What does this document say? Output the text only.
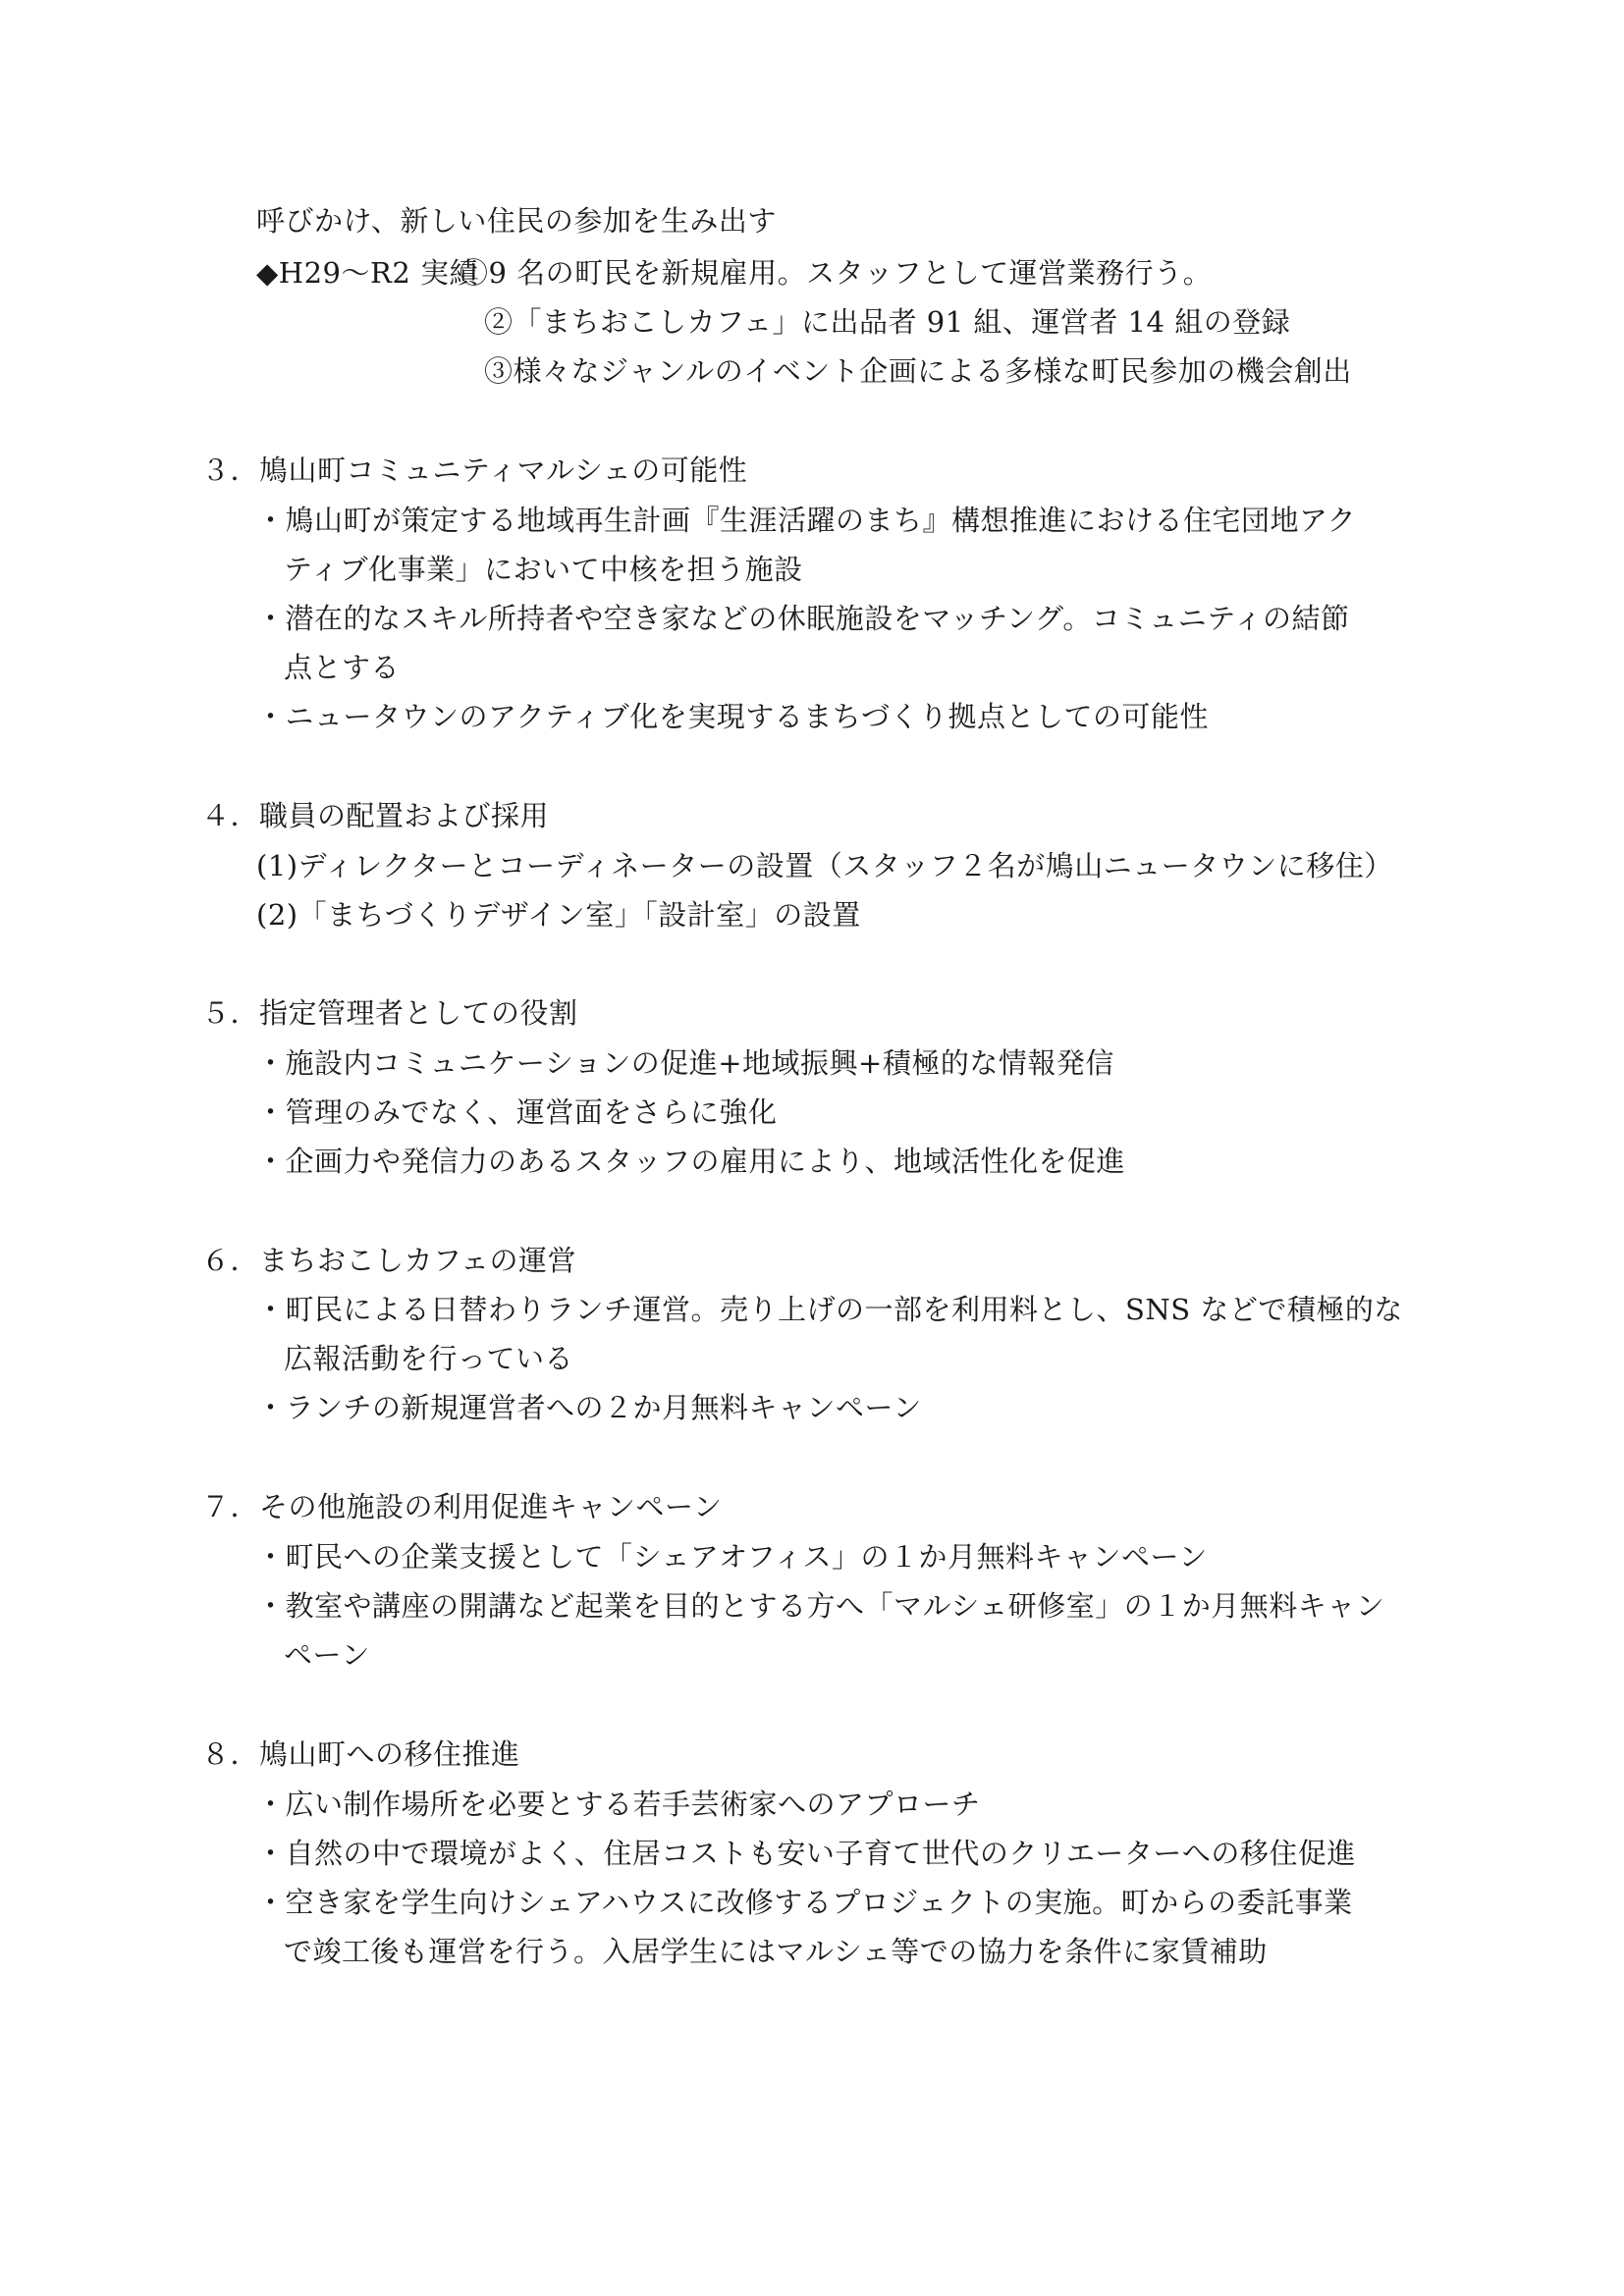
呼びかけ、新しい住民の参加を生み出す
◆H29～R2 実績
①9 名の町民を新規雇用。スタッフとして運営業務行う。
②「まちおこしカフェ」に出品者 91 組、運営者 14 組の登録
③様々なジャンルのイベント企画による多様な町民参加の機会創出
３．鳩山町コミュニティマルシェの可能性
・鳩山町が策定する地域再生計画『生涯活躍のまち』構想推進における住宅団地アク
ティブ化事業」において中核を担う施設
・潜在的なスキル所持者や空き家などの休眠施設をマッチング。コミュニティの結節
点とする
・ニュータウンのアクティブ化を実現するまちづくり拠点としての可能性
４．職員の配置および採用
(1)ディレクターとコーディネーターの設置（スタッフ２名が鳩山ニュータウンに移住）
(2)「まちづくりデザイン室」「設計室」の設置
５．指定管理者としての役割
・施設内コミュニケーションの促進+地域振興+積極的な情報発信
・管理のみでなく、運営面をさらに強化
・企画力や発信力のあるスタッフの雇用により、地域活性化を促進
６．まちおこしカフェの運営
・町民による日替わりランチ運営。売り上げの一部を利用料とし、SNS などで積極的な
広報活動を行っている
・ランチの新規運営者への２か月無料キャンペーン
７．その他施設の利用促進キャンペーン
・町民への企業支援として「シェアオフィス」の１か月無料キャンペーン
・教室や講座の開講など起業を目的とする方へ「マルシェ研修室」の１か月無料キャン
ペーン
８．鳩山町への移住推進
・広い制作場所を必要とする若手芸術家へのアプローチ
・自然の中で環境がよく、住居コストも安い子育て世代のクリエーターへの移住促進
・空き家を学生向けシェアハウスに改修するプロジェクトの実施。町からの委託事業
で竣工後も運営を行う。入居学生にはマルシェ等での協力を条件に家賃補助
